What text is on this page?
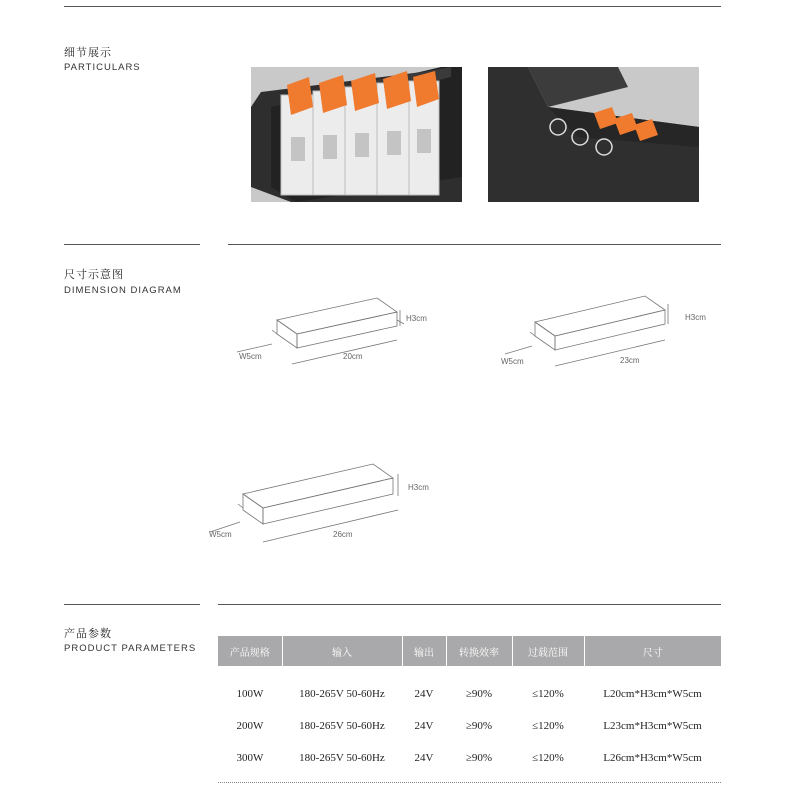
细节展示
PARTICULARS
尺寸示意图
DIMENSION DIAGRAM
H3cm
W5cm	20cm
H3cm
W5cm	23cm
H3cm
W5cm	26cm
产品参数
PRODUCT PARAMETERS	产品规格	输入	输出	转换效率	过载范围	尺寸
100W	180-265V 50-60Hz	24V	≥90%	≤120%	L20cm*H3cm*W5cm
200W	180-265V 50-60Hz	24V	≥90%	≤120%	L23cm*H3cm*W5cm
300W	180-265V 50-60Hz	24V	≥90%	≤120%	L26cm*H3cm*W5cm
